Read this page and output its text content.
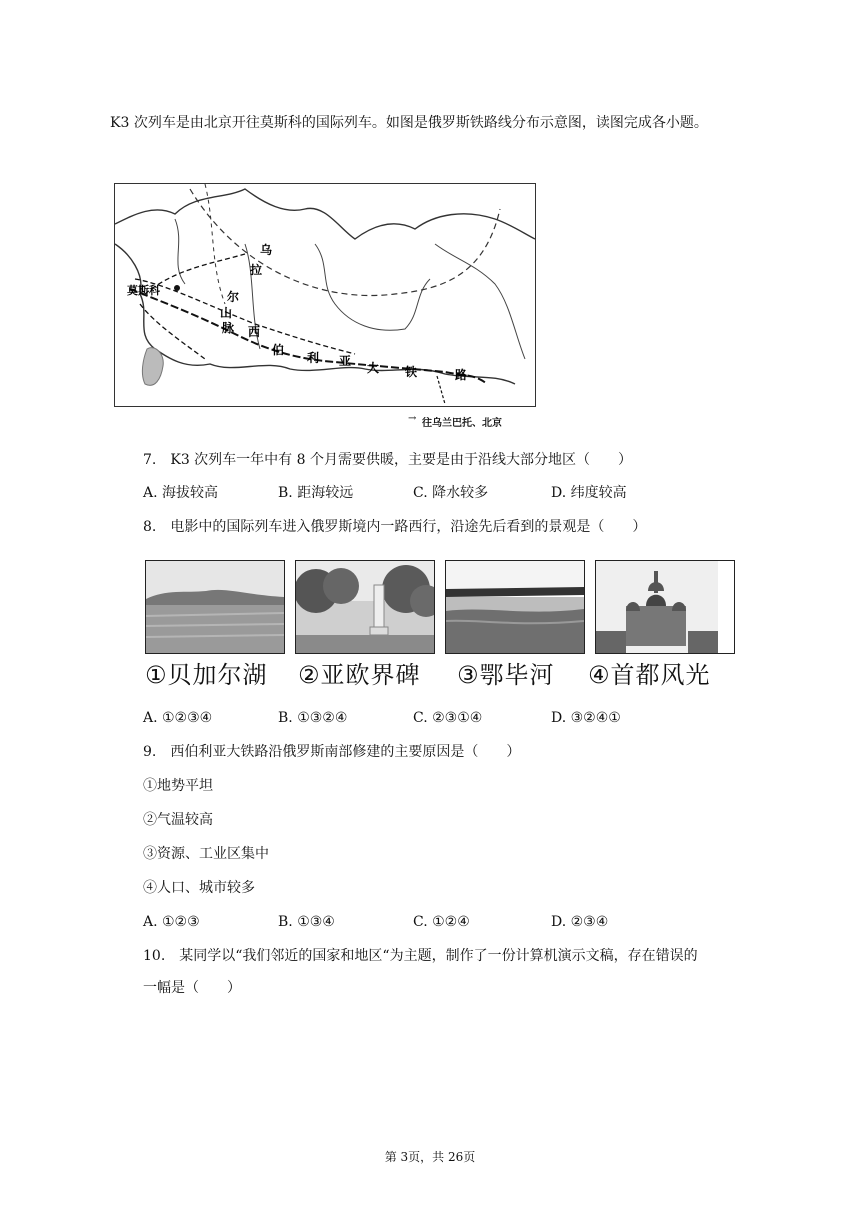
K3 次列车是由北京开往莫斯科的国际列车。如图是俄罗斯铁路线分布示意图，读图完成各小题。
莫斯科
乌
拉
尔
山
脉 西
伯
利 亚 大 铁	路
往乌兰巴托、北京
→
7.　K3 次列车一年中有 8 个月需要供暖，主要是由于沿线大部分地区（　　）
A. 海拔较高	B. 距海较远	C. 降水较多	D. 纬度较高
8.　电影中的国际列车进入俄罗斯境内一路西行，沿途先后看到的景观是（　　）
①贝加尔湖 ②亚欧界碑 ③鄂毕河 ④首都风光
A. ①②③④	B. ①③②④	C. ②③①④	D. ③②④①
9.　西伯利亚大铁路沿俄罗斯南部修建的主要原因是（　　）
①地势平坦
②气温较高
③资源、工业区集中
④人口、城市较多
A. ①②③	B. ①③④	C. ①②④	D. ②③④
10.　某同学以“我们邻近的国家和地区“为主题，制作了一份计算机演示文稿，存在错误的
一幅是（　　）
第 3页，共 26页
